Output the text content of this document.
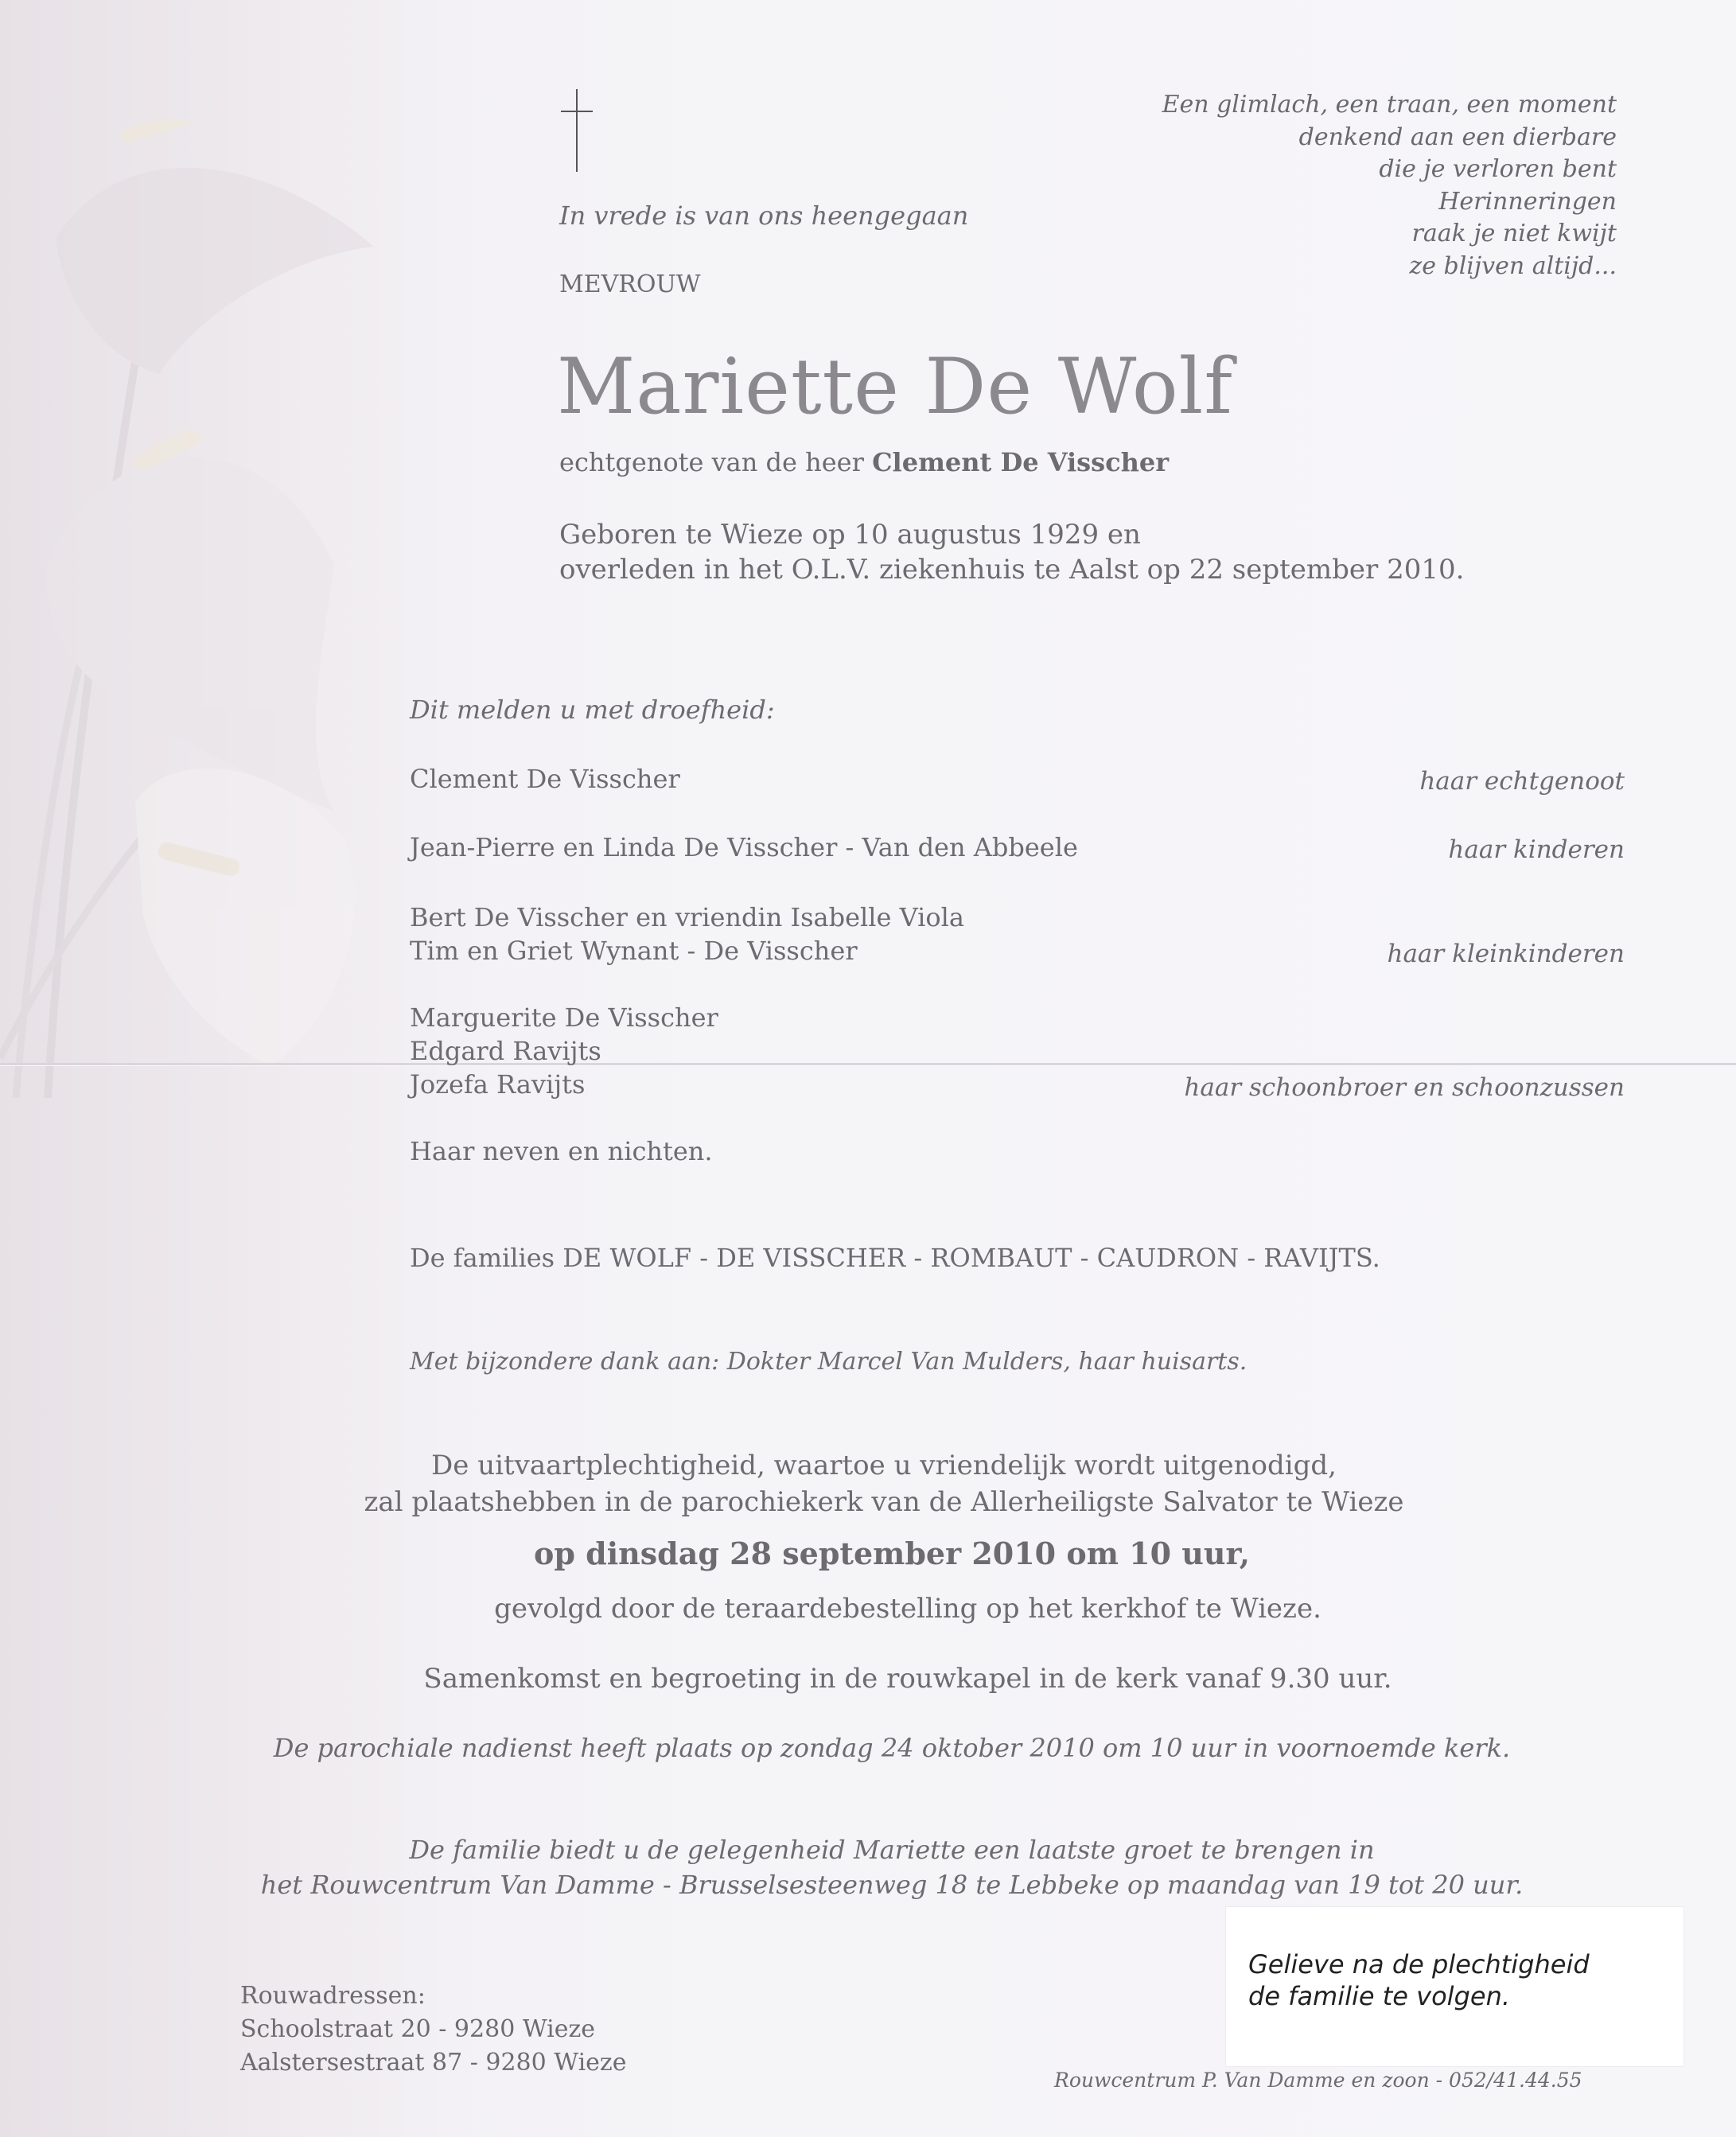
In vrede is van ons heengegaan
MEVROUW
Een glimlach, een traan, een moment
denkend aan een dierbare
die je verloren bent
Herinneringen
raak je niet kwijt
ze blijven altijd...
Mariette De Wolf
echtgenote van de heer Clement De Visscher
Geboren te Wieze op 10 augustus 1929 en
overleden in het O.L.V. ziekenhuis te Aalst op 22 september 2010.
Dit melden u met droefheid:
Clement De Visscher	haar echtgenoot
Jean-Pierre en Linda De Visscher - Van den Abbeele	haar kinderen
Bert De Visscher en vriendin Isabelle Viola
Tim en Griet Wynant - De Visscher	haar kleinkinderen
Marguerite De Visscher
Edgard Ravijts
Jozefa Ravijts	haar schoonbroer en schoonzussen
Haar neven en nichten.
De families DE WOLF - DE VISSCHER - ROMBAUT - CAUDRON - RAVIJTS.
Met bijzondere dank aan: Dokter Marcel Van Mulders, haar huisarts.
De uitvaartplechtigheid, waartoe u vriendelijk wordt uitgenodigd,
zal plaatshebben in de parochiekerk van de Allerheiligste Salvator te Wieze
op dinsdag 28 september 2010 om 10 uur,
gevolgd door de teraardebestelling op het kerkhof te Wieze.
Samenkomst en begroeting in de rouwkapel in de kerk vanaf 9.30 uur.
De parochiale nadienst heeft plaats op zondag 24 oktober 2010 om 10 uur in voornoemde kerk.
De familie biedt u de gelegenheid Mariette een laatste groet te brengen in
het Rouwcentrum Van Damme - Brusselsesteenweg 18 te Lebbeke op maandag van 19 tot 20 uur.
Rouwadressen:
Schoolstraat 20 - 9280 Wieze
Aalstersestraat 87 - 9280 Wieze
Gelieve na de plechtigheid
de familie te volgen.
Rouwcentrum P. Van Damme en zoon - 052/41.44.55
